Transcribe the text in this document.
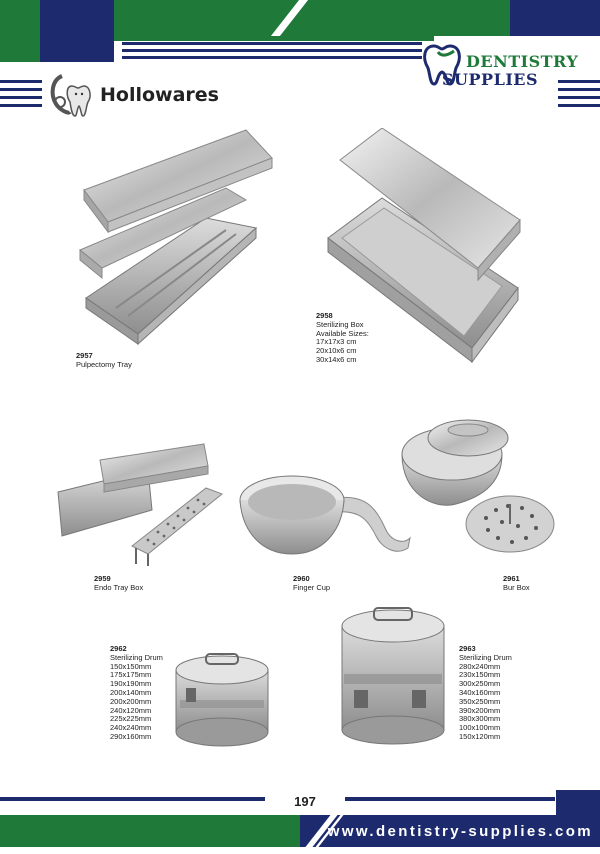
DENTISTRY
SUPPLIES
Hollowares
2957
Pulpectomy Tray
2958
Sterilizing Box
Available Sizes:
17x17x3 cm
20x10x6 cm
30x14x6 cm
2959
Endo Tray Box
2960
Finger Cup
2961
Bur Box
2962
Sterilizing Drum
150x150mm
175x175mm
190x190mm
200x140mm
200x200mm
240x120mm
225x225mm
240x240mm
290x160mm
2963
Sterilizing Drum
280x240mm
230x150mm
300x250mm
340x160mm
350x250mm
390x200mm
380x300mm
100x100mm
150x120mm
197
www.dentistry-supplies.com
